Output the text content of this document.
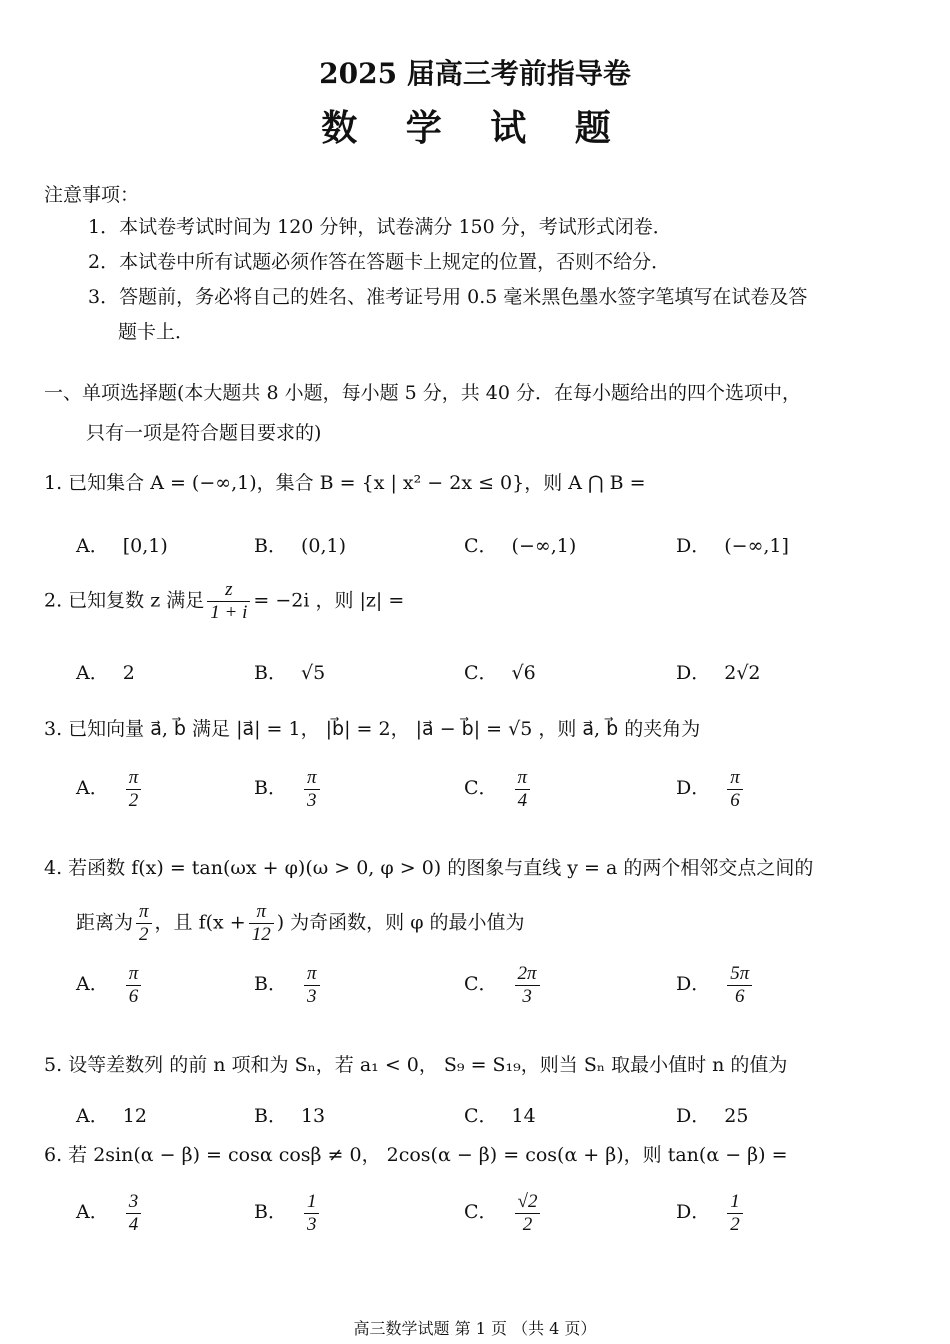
2025 届高三考前指导卷
数 学 试 题
注意事项：
1．本试卷考试时间为 120 分钟，试卷满分 150 分，考试形式闭卷．
2．本试卷中所有试题必须作答在答题卡上规定的位置，否则不给分．
3．答题前，务必将自己的姓名、准考证号用 0.5 毫米黑色墨水签字笔填写在试卷及答
题卡上．
一、单项选择题(本大题共 8 小题，每小题 5 分，共 40 分．在每小题给出的四个选项中，
只有一项是符合题目要求的)
1. 已知集合 A = (−∞,1)，集合 B = {x | x² − 2x ≤ 0}，则 A ⋂ B =
A． [0,1)	B． (0,1)	C． (−∞,1)	D． (−∞,1]
2. 已知复数 z 满足 $\frac{z}{1 + i} = -2i$ ，则 |z| =
A． 2	B． √5	C． √6	D． 2√2
3. 已知向量 a⃗, b⃗ 满足 |a⃗| = 1， |b⃗| = 2， |a⃗ − b⃗| = √5 ，则 a⃗, b⃗ 的夹角为
A． $\frac{\pi}{2}$	B． $\frac{\pi}{3}$	C． $\frac{\pi}{4}$	D． $\frac{\pi}{6}$
4. 若函数 f(x) = tan(ωx + φ)(ω > 0, φ > 0) 的图象与直线 y = a 的两个相邻交点之间的
距离为 $\frac{\pi}{2}$ ，且 $f(x + \frac{\pi}{12}$ ) 为奇函数，则 φ 的最小值为
A． $\frac{\pi}{6}$	B． $\frac{\pi}{3}$	C． $\frac{2\pi}{3}$	D． $\frac{5\pi}{6}$
5. 设等差数列 的前 n 项和为 Sₙ，若 a₁ < 0， S₉ = S₁₉，则当 Sₙ 取最小值时 n 的值为
A． 12	B． 13	C． 14	D． 25
6. 若 2sin(α − β) = cosα cosβ ≠ 0， 2cos(α − β) = cos(α + β)，则 tan(α − β) =
A． $\frac{3}{4}$	B． $\frac{1}{3}$	C． $\frac{√2}{2}$	D． $\frac{1}{2}$
高三数学试题 第 1 页 （共 4 页）
